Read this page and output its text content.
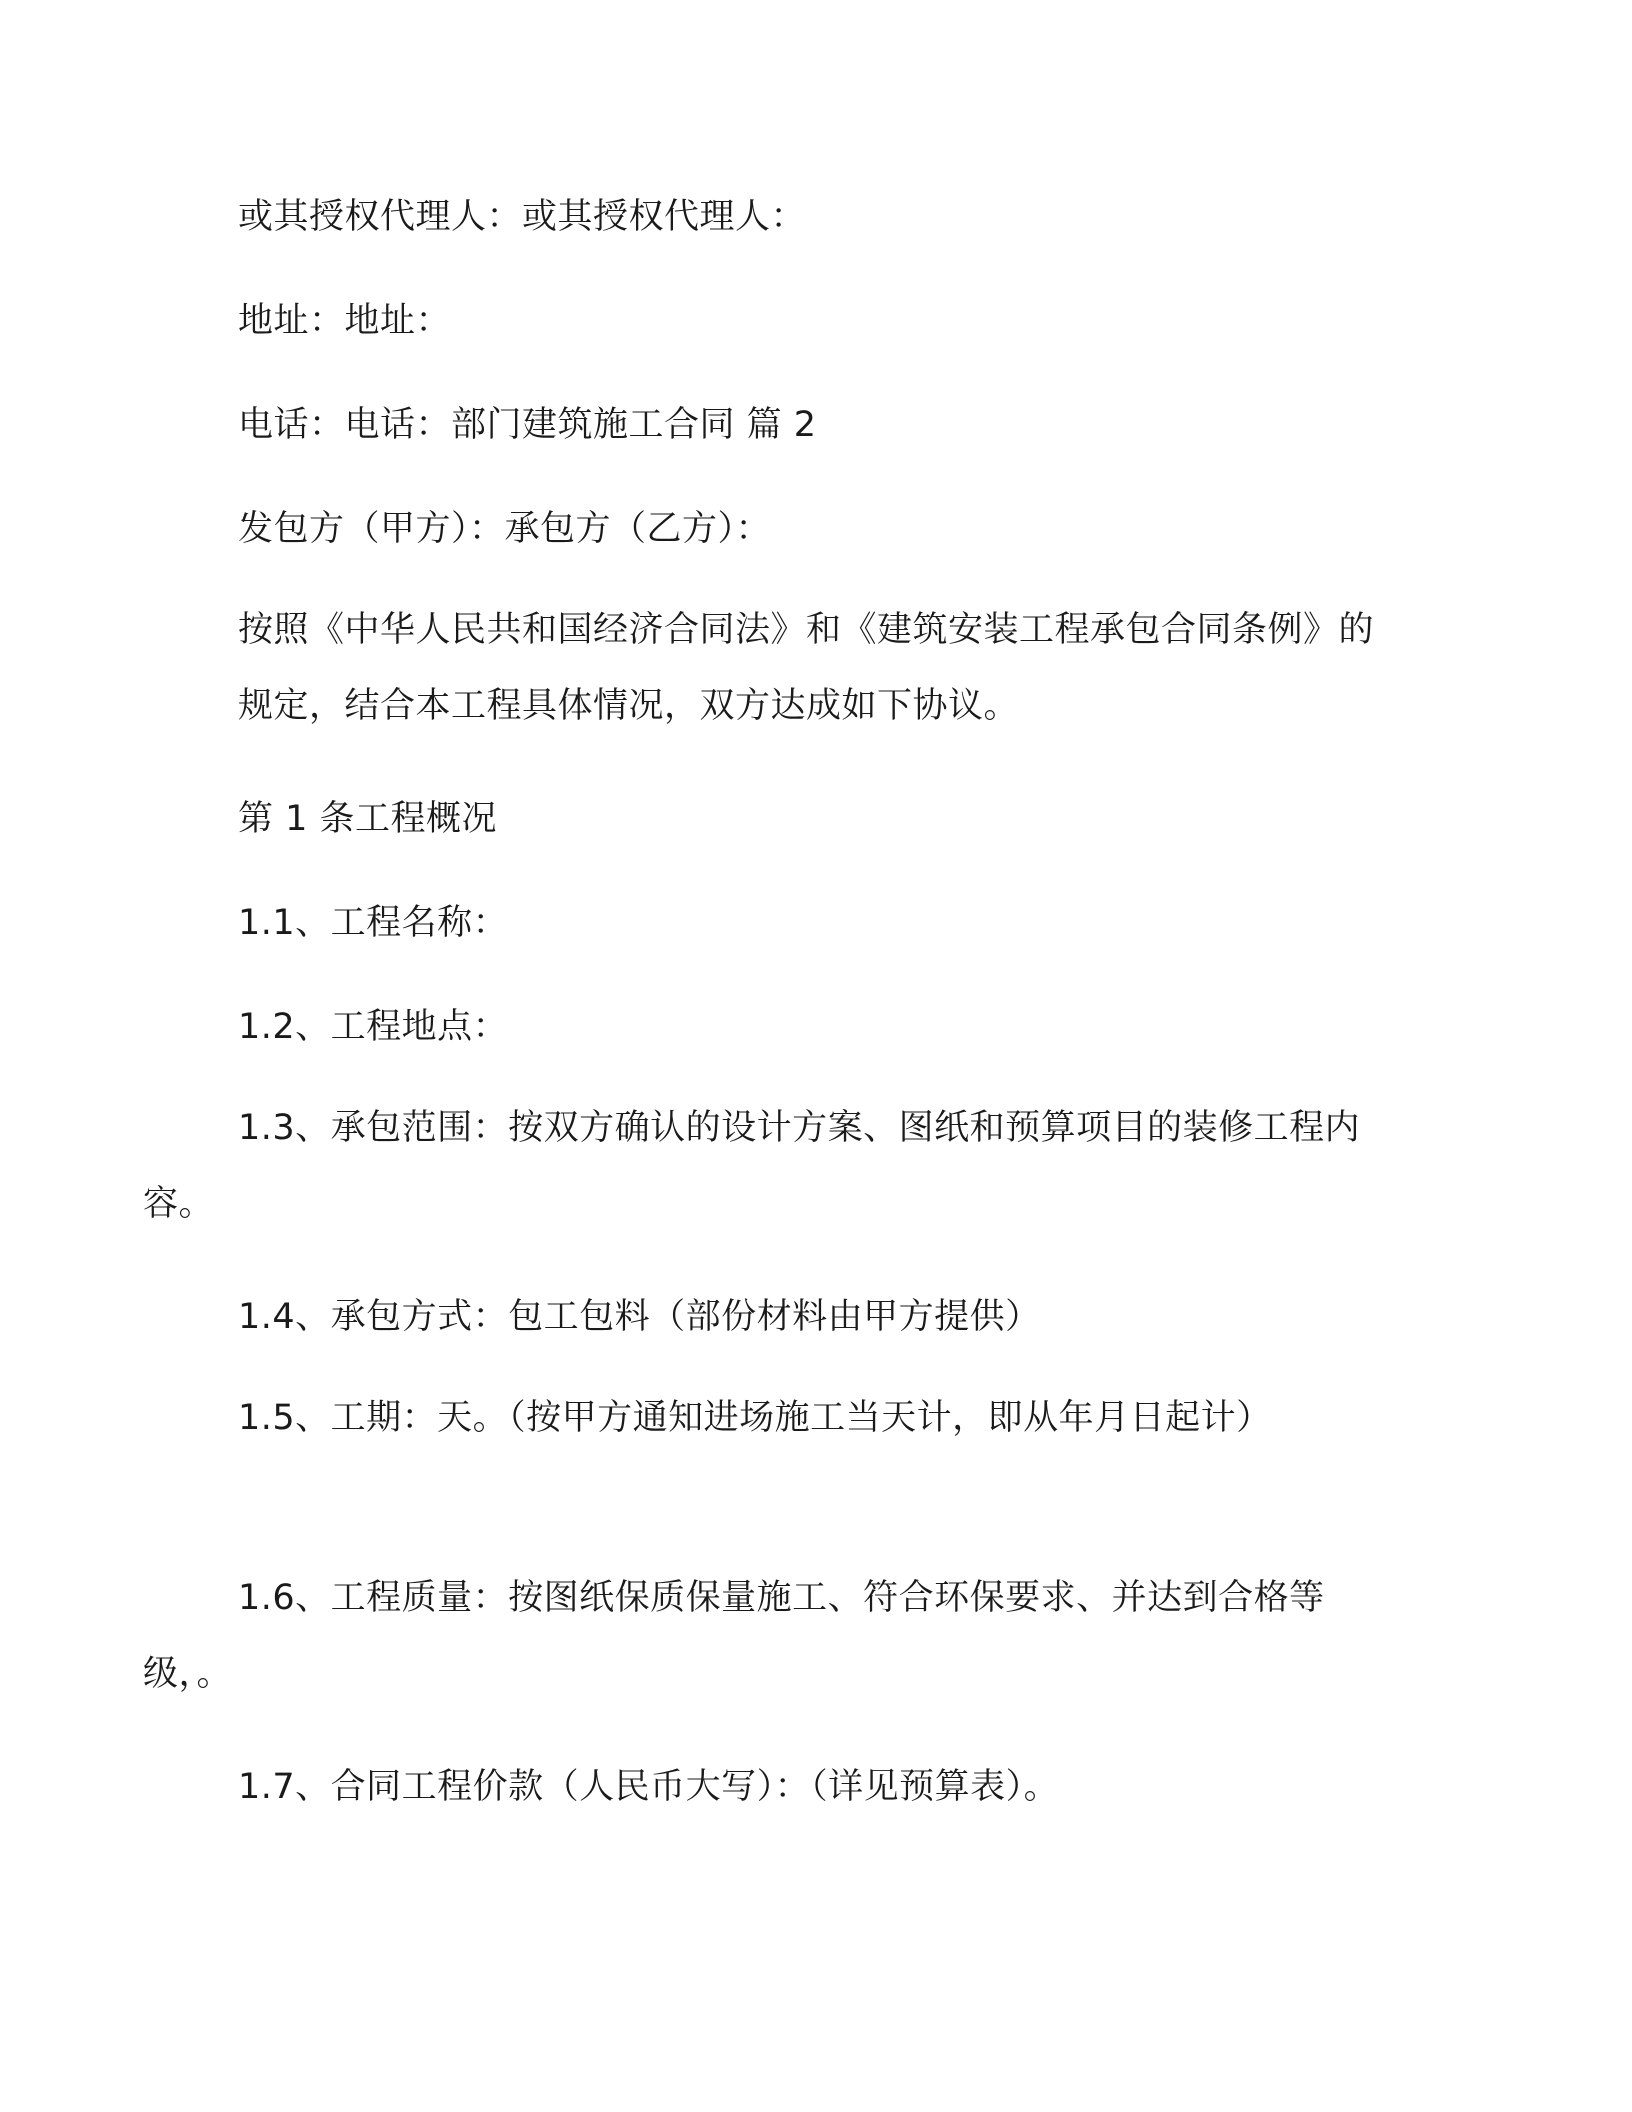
或其授权代理人：或其授权代理人：

地址：地址：

电话：电话：部门建筑施工合同 篇 2

发包方（甲方）：承包方（乙方）：

按照《中华人民共和国经济合同法》和《建筑安装工程承包合同条例》的规定，结合本工程具体情况，双方达成如下协议。

第 1 条工程概况

1.1、工程名称：

1.2、工程地点：

1.3、承包范围：按双方确认的设计方案、图纸和预算项目的装修工程内容。

1.4、承包方式：包工包料（部份材料由甲方提供）

1.5、工期：天。（按甲方通知进场施工当天计，即从年月日起计）

1.6、工程质量：按图纸保质保量施工、符合环保要求、并达到合格等级，。

1.7、合同工程价款（人民币大写）：（详见预算表）。
